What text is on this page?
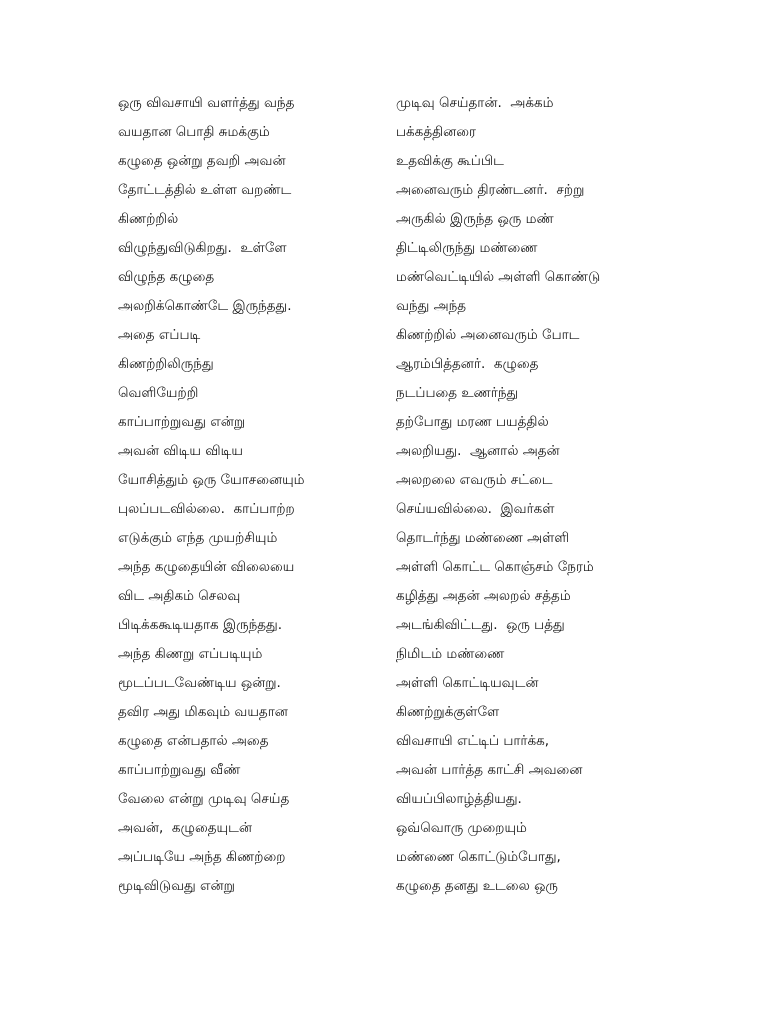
ஒரு விவசாயி வளர்த்து வந்த
வயதான பொதி சுமக்கும்
கழுதை ஒன்று தவறி அவன்
தோட்டத்தில் உள்ள வறண்ட
கிணற்றில்
விழுந்துவிடுகிறது.  உள்ளே
விழுந்த கழுதை
அலறிக்கொண்டே இருந்தது.
அதை எப்படி
கிணற்றிலிருந்து
வெளியேற்றி
காப்பாற்றுவது என்று
அவன் விடிய விடிய
யோசித்தும் ஒரு யோசனையும்
புலப்படவில்லை.  காப்பாற்ற
எடுக்கும் எந்த முயற்சியும்
அந்த கழுதையின் விலையை
விட அதிகம் செலவு
பிடிக்ககூடியதாக இருந்தது.
அந்த கிணறு எப்படியும்
மூடப்படவேண்டிய ஒன்று.
தவிர அது மிகவும் வயதான
கழுதை என்பதால் அதை
காப்பாற்றுவது வீண்
வேலை என்று முடிவு செய்த
அவன்,  கழுதையுடன்
அப்படியே அந்த கிணற்றை
மூடிவிடுவது என்று
முடிவு செய்தான்.  அக்கம்
பக்கத்தினரை
உதவிக்கு கூப்பிட
அனைவரும் திரண்டனர்.  சற்று
அருகில் இருந்த ஒரு மண்
திட்டிலிருந்து மண்ணை
மண்வெட்டியில் அள்ளி கொண்டு
வந்து அந்த
கிணற்றில் அனைவரும் போட
ஆரம்பித்தனர்.  கழுதை
நடப்பதை உணர்ந்து
தற்போது மரண பயத்தில்
அலறியது.  ஆனால் அதன்
அலறலை எவரும் சட்டை
செய்யவில்லை.  இவர்கள்
தொடர்ந்து மண்ணை அள்ளி
அள்ளி கொட்ட கொஞ்சம் நேரம்
கழித்து அதன் அலறல் சத்தம்
அடங்கிவிட்டது.  ஒரு பத்து
நிமிடம் மண்ணை
அள்ளி கொட்டியவுடன்
கிணற்றுக்குள்ளே
விவசாயி எட்டிப் பார்க்க,
அவன் பார்த்த காட்சி அவனை
வியப்பிலாழ்த்தியது.
ஒவ்வொரு முறையும்
மண்ணை கொட்டும்போது,
கழுதை தனது உடலை ஒரு
